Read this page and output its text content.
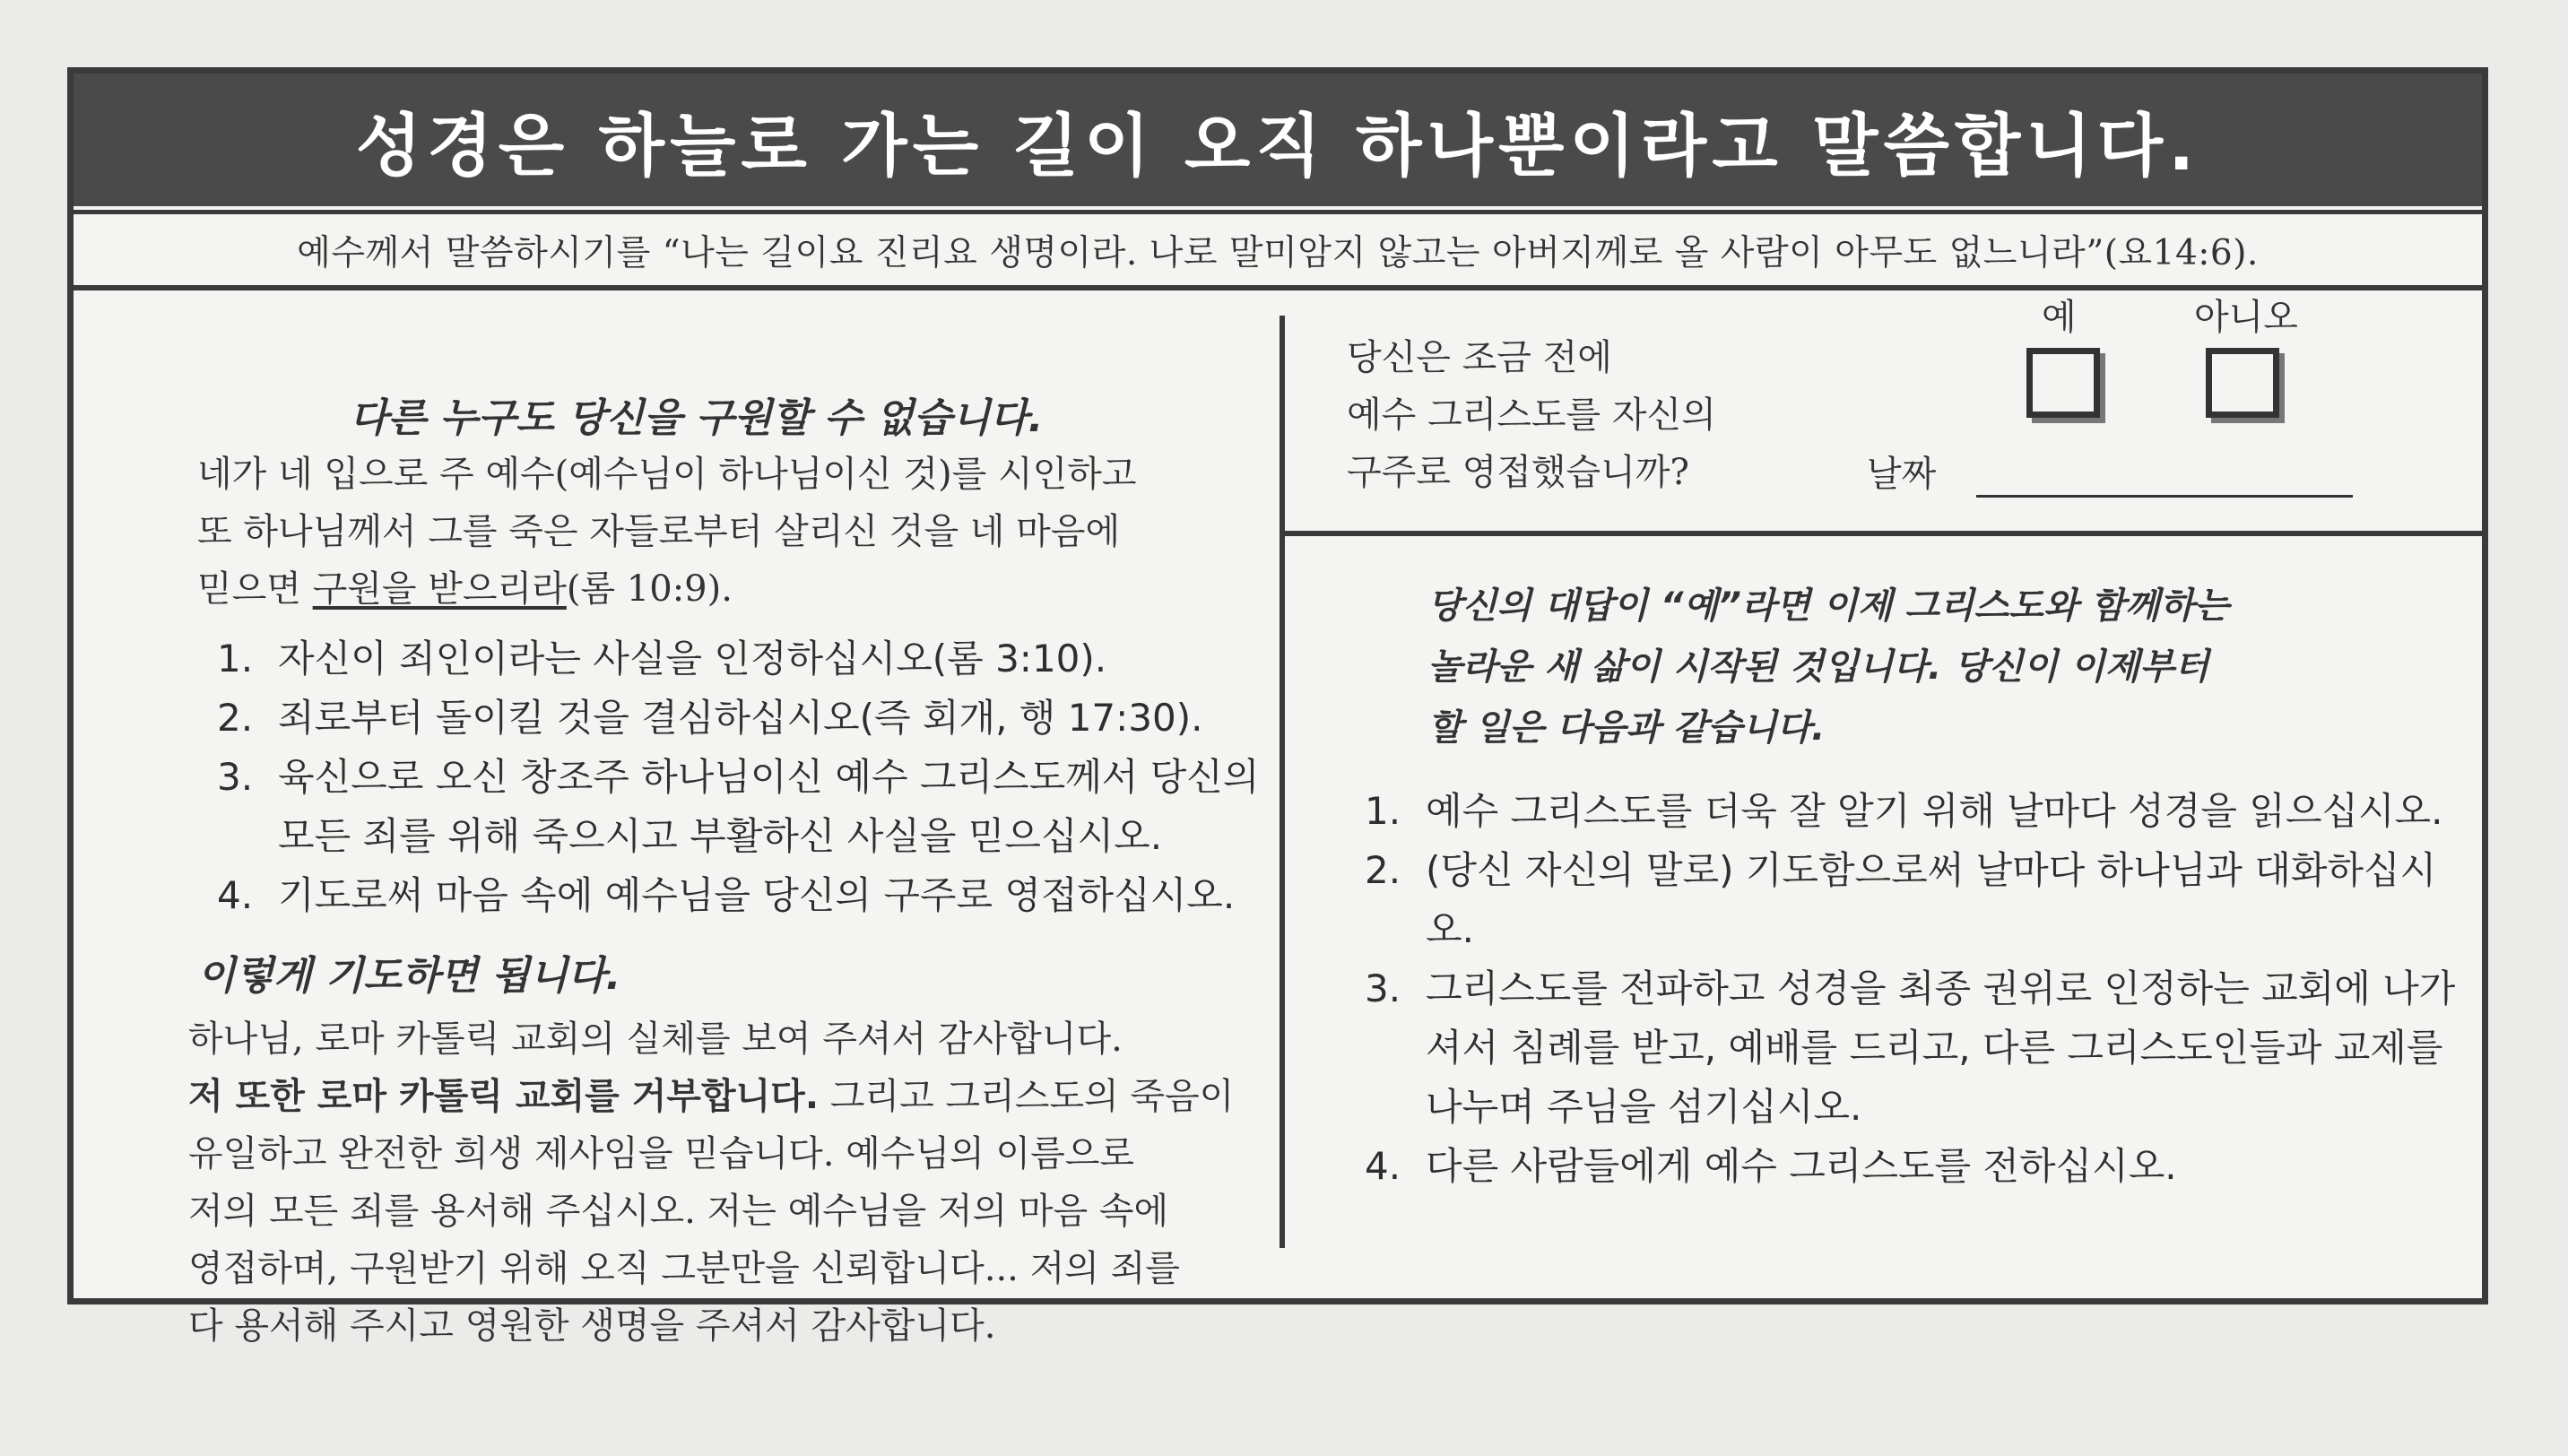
성경은 하늘로 가는 길이 오직 하나뿐이라고 말씀합니다.
예수께서 말씀하시기를 “나는 길이요 진리요 생명이라. 나로 말미암지 않고는 아버지께로 올 사람이 아무도 없느니라”(요14:6).
다른 누구도 당신을 구원할 수 없습니다.
네가 네 입으로 주 예수(예수님이 하나님이신 것)를 시인하고
또 하나님께서 그를 죽은 자들로부터 살리신 것을 네 마음에
믿으면 구원을 받으리라(롬 10:9).
1. 자신이 죄인이라는 사실을 인정하십시오(롬 3:10).
2. 죄로부터 돌이킬 것을 결심하십시오(즉 회개, 행 17:30).
3. 육신으로 오신 창조주 하나님이신 예수 그리스도께서 당신의
모든 죄를 위해 죽으시고 부활하신 사실을 믿으십시오.
4. 기도로써 마음 속에 예수님을 당신의 구주로 영접하십시오.
이렇게 기도하면 됩니다.
하나님, 로마 카톨릭 교회의 실체를 보여 주셔서 감사합니다.
저 또한 로마 카톨릭 교회를 거부합니다. 그리고 그리스도의 죽음이
유일하고 완전한 희생 제사임을 믿습니다. 예수님의 이름으로
저의 모든 죄를 용서해 주십시오. 저는 예수님을 저의 마음 속에
영접하며, 구원받기 위해 오직 그분만을 신뢰합니다... 저의 죄를
다 용서해 주시고 영원한 생명을 주셔서 감사합니다.
당신은 조금 전에
예수 그리스도를 자신의
구주로 영접했습니까?
예	아니오
날짜
당신의 대답이 “예”라면 이제 그리스도와 함께하는
놀라운 새 삶이 시작된 것입니다. 당신이 이제부터
할 일은 다음과 같습니다.
1. 예수 그리스도를 더욱 잘 알기 위해 날마다 성경을 읽으십시오.
2. (당신 자신의 말로) 기도함으로써 날마다 하나님과 대화하십시오.
3. 그리스도를 전파하고 성경을 최종 권위로 인정하는 교회에 나가셔서 침례를 받고, 예배를 드리고, 다른 그리스도인들과 교제를 나누며 주님을 섬기십시오.
4. 다른 사람들에게 예수 그리스도를 전하십시오.
